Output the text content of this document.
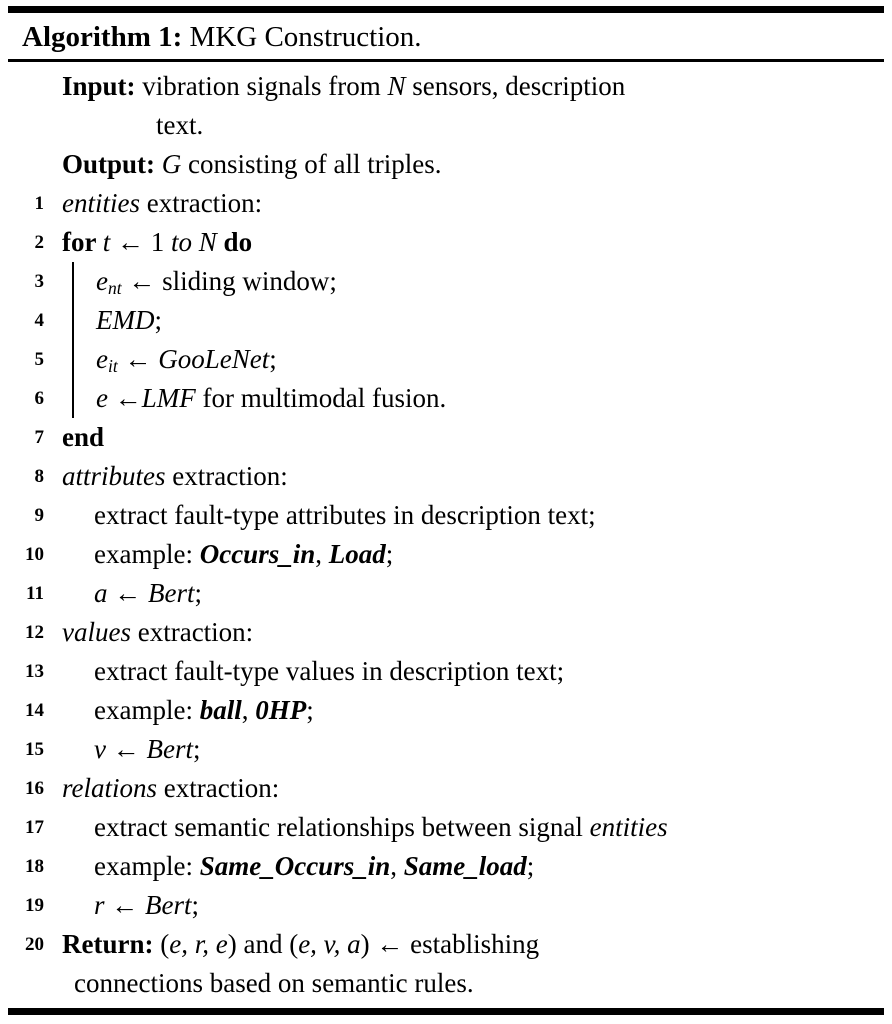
Algorithm 1: MKG Construction.
Input: vibration signals from N sensors, description
text.
Output: G consisting of all triples.
1 entities extraction:
2 for t ← 1 to N do
3	ent ← sliding window;
4	EMD;
5	eit ← GooLeNet;
6	e ←LMF for multimodal fusion.
7 end
8 attributes extraction:
9	extract fault-type attributes in description text;
10	example: Occurs_in, Load;
11	a ← Bert;
12 values extraction:
13	extract fault-type values in description text;
14	example: ball, 0HP;
15	v ← Bert;
16 relations extraction:
17	extract semantic relationships between signal entities
18	example: Same_Occurs_in, Same_load;
19	r ← Bert;
20 Return: (e, r, e) and (e, v, a) ← establishing
connections based on semantic rules.
